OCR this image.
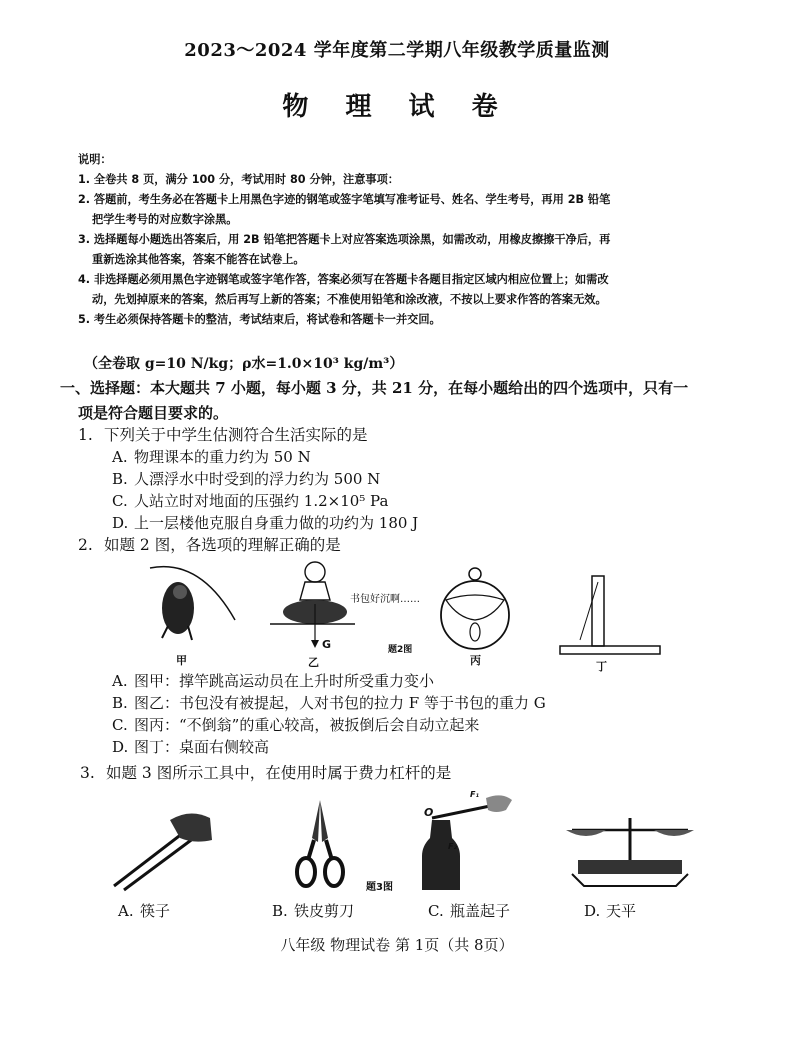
2023～2024 学年度第二学期八年级教学质量监测
物 理 试 卷
说明：
1. 全卷共 8 页，满分 100 分，考试用时 80 分钟，注意事项：
2. 答题前，考生务必在答题卡上用黑色字迹的钢笔或签字笔填写准考证号、姓名、学生考号，再用 2B 铅笔
把学生考号的对应数字涂黑。
3. 选择题每小题选出答案后，用 2B 铅笔把答题卡上对应答案选项涂黑，如需改动，用橡皮擦擦干净后，再
重新选涂其他答案，答案不能答在试卷上。
4. 非选择题必须用黑色字迹钢笔或签字笔作答，答案必须写在答题卡各题目指定区域内相应位置上；如需改
动，先划掉原来的答案，然后再写上新的答案；不准使用铅笔和涂改液，不按以上要求作答的答案无效。
5. 考生必须保持答题卡的整洁，考试结束后，将试卷和答题卡一并交回。
（全卷取 g=10 N/kg；ρ水=1.0×10³ kg/m³）
一、选择题：本大题共 7 小题，每小题 3 分，共 21 分，在每小题给出的四个选项中，只有一
项是符合题目要求的。
1. 下列关于中学生估测符合生活实际的是
A. 物理课本的重力约为 50 N
B. 人漂浮水中时受到的浮力约为 500 N
C. 人站立时对地面的压强约 1.2×10⁵ Pa
D. 上一层楼他克服自身重力做的功约为 180 J
2. 如题 2 图，各选项的理解正确的是
书包好沉啊……
G
甲	乙
题2图
丙	丁
A. 图甲：撑竿跳高运动员在上升时所受重力变小
B. 图乙：书包没有被提起，人对书包的拉力 F 等于书包的重力 G
C. 图丙：“不倒翁”的重心较高，被扳倒后会自动立起来
D. 图丁：桌面右侧较高
3. 如题 3 图所示工具中，在使用时属于费力杠杆的是
O
F₁
F₂
题3图
A. 筷子	B. 铁皮剪刀	C. 瓶盖起子	D. 天平
八年级 物理试卷 第 1页（共 8页）
